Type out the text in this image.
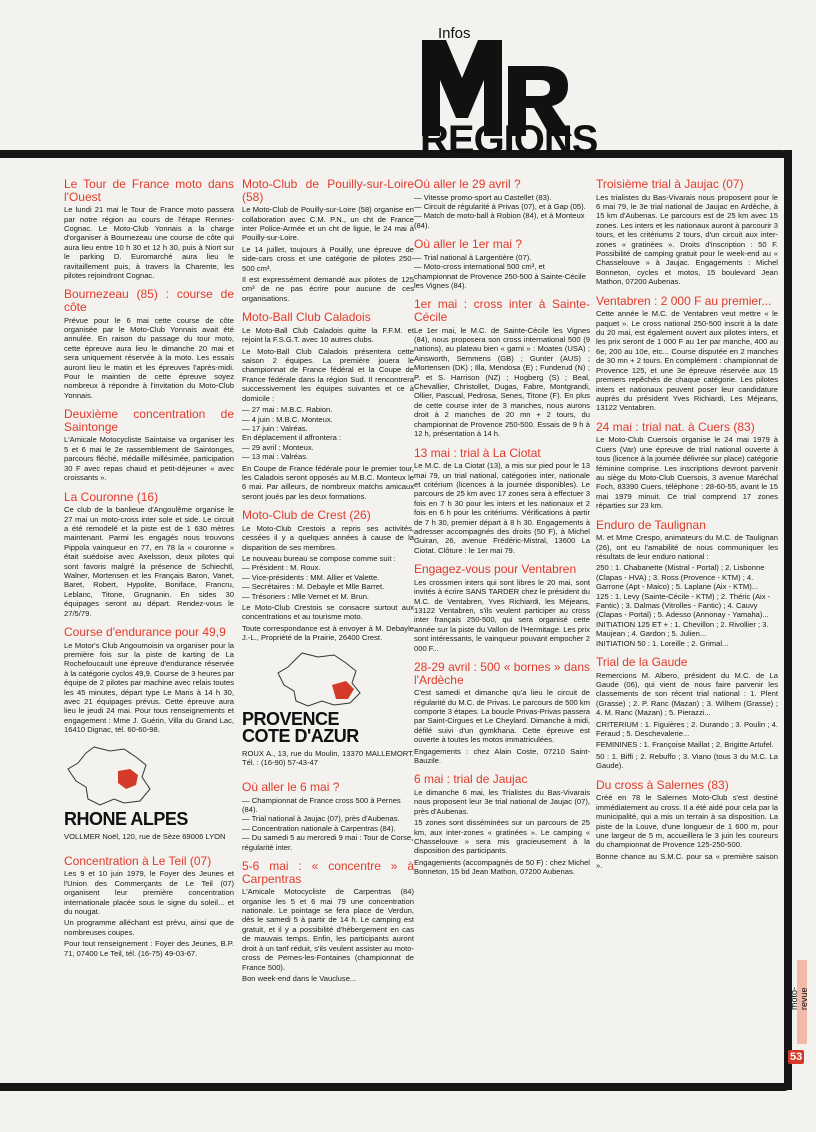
Infos
REGIONS
Le Tour de France moto dans l'Ouest
Le lundi 21 mai le Tour de France moto passera par notre région au cours de l'étape Rennes-Cognac. Le Moto-Club Yonnais a la charge d'organiser à Bournezeau une course de côte qui aura lieu entre 10 h 30 et 12 h 30, puis à Niort sur le parking D. Euromarché aura lieu le ravitaillement puis, à travers la Charente, les pilotes rejoindront Cognac.
Bournezeau (85) : course de côte
Prévue pour le 6 mai cette course de côte organisée par le Moto-Club Yonnais avait été annulée. En raison du passage du tour moto, cette épreuve aura lieu le dimanche 20 mai et sera uniquement réservée à la moto. Les essais auront lieu le matin et les épreuves l'après-midi. Pour le maintien de cette épreuve soyez nombreux à répondre à l'invitation du Moto-Club Yonnais.
Deuxième concentration de Saintonge
L'Amicale Motocycliste Saintaise va organiser les 5 et 6 mai le 2e rassemblement de Saintonges, parcours fléché, médaille millésimée, participation 30 F avec repas chaud et petit-déjeuner « avec croissants ».
La Couronne (16)
Ce club de la banlieue d'Angoulême organise le 27 mai un moto-cross inter sole et side. Le circuit a été remodelé et la piste est de 1 630 mètres maintenant. Parmi les engagés nous trouvons Pippola vainqueur en 77, en 78 la « couronne » était suédoise avec Axelsson, deux pilotes qui sont favoris malgré la présence de Schiechtl, Walner, Mortensen et les Français Baron, Vanet, Baret, Robert, Hypolite, Boniface, Francru, Leblanc, Titone, Grugnanin. En sides 30 équipages seront au départ. Rendez-vous le 27/5/79.
Course d'endurance pour 49,9
Le Motor's Club Angoumoisin va organiser pour la première fois sur la piste de karting de La Rochefoucault une épreuve d'endurance réservée à la catégorie cyclos 49,9. Course de 3 heures par équipe de 2 pilotes par machine avec relais toutes les 45 minutes, départ type Le Mans à 14 h 30, avec 21 équipages prévus. Cette épreuve aura lieu le jeudi 24 mai. Pour tous renseignements et engagement : Mme J. Guérin, Villa du Grand Lac, 16410 Dignac, tél. 60-60-98.
RHONE ALPES
VOLLMER Noël, 120, rue de Sèze 69006 LYON
Concentration à Le Teil (07)
Les 9 et 10 juin 1979, le Foyer des Jeunes et l'Union des Commerçants de Le Teil (07) organisent leur première concentration internationale placée sous le signe du soleil... et du nougat.
Un programme alléchant est prévu, ainsi que de nombreuses coupes.
Pour tout renseignement : Foyer des Jeunes, B.P. 71, 07400 Le Teil, tél. (16-75) 49-03-67.
Moto-Club de Pouilly-sur-Loire (58)
Le Moto-Club de Pouilly-sur-Loire (58) organise en collaboration avec C.M. P.N., un cht de France inter Police-Armée et un cht de ligue, le 24 mai à Pouilly-sur-Loire.
Le 14 juillet, toujours à Pouilly, une épreuve de side-cars cross et une catégorie de pilotes 250-500 cm³.
Il est expressément demandé aux pilotes de 125 cm³ de ne pas écrire pour aucune de ces organisations.
Moto-Ball Club Caladois
Le Moto-Ball Club Caladois quitte la F.F.M. et rejoint la F.S.G.T. avec 10 autres clubs.
Le Moto-Ball Club Caladois présentera cette saison 2 équipes. La première jouera le championnat de France fédéral et la Coupe de France fédérale dans la région Sud. Il rencontrera successivement les équipes suivantes et ce à domicile :
— 27 mai : M.B.C. Rabion.
— 4 juin : M.B.C. Monteux.
— 17 juin : Valréas.
En déplacement il affrontera :
— 29 avril : Monteux.
— 13 mai : Valréas.
En Coupe de France fédérale pour le premier tour, les Caladois seront opposés au M.B.C. Monteux le 6 mai. Par ailleurs, de nombreux matchs amicaux seront joués par les deux formations.
Moto-Club de Crest (26)
Le Moto-Club Crestois a repris ses activités, cessées il y a quelques années à cause de la disparition de ses membres.
Le nouveau bureau se compose comme suit :
— Président : M. Roux.
— Vice-présidents : MM. Allier et Valette.
— Secrétaires : M. Debayle et Mlle Barret.
— Trésoriers : Mlle Vernet et M. Brun.
Le Moto-Club Crestois se consacre surtout aux concentrations et au tourisme moto.
Toute correspondance est à envoyer à M. Debayle J.-L., Propriété de la Prairie, 26400 Crest.
PROVENCE COTE D'AZUR
ROUX A., 13, rue du Moulin, 13370 MALLEMORT. Tél. : (16-90) 57-43-47
Où aller le 6 mai ?
— Championnat de France cross 500 à Pernes (84).
— Trial national à Jaujac (07), près d'Aubenas.
— Concentration nationale à Carpentras (84).
— Du samedi 5 au mercredi 9 mai : Tour de Corse, régularité inter.
5-6 mai : « concentre » à Carpentras
L'Amicale Motocycliste de Carpentras (84) organise les 5 et 6 mai 79 une concentration nationale. Le pointage se fera place de Verdun, dès le samedi 5 à partir de 14 h. Le camping est gratuit, et il y a possibilité d'hébergement en cas de mauvais temps. Enfin, les participants auront droit à un tarif réduit, s'ils veulent assister au moto-cross de Pernes-les-Fontaines (championnat de France 500).
Bon week-end dans le Vaucluse...
Où aller le 29 avril ?
— Vitesse promo-sport au Castellet (83).
— Circuit de régularité à Privas (07), et à Gap (05).
— Match de moto-ball à Robion (84), et à Monteux (84).
Où aller le 1er mai ?
— Trial national à Largentière (07).
— Moto-cross international 500 cm³, et championnat de Provence 250-500 à Sainte-Cécile les Vignes (84).
1er mai : cross inter à Sainte-Cécile
Le 1er mai, le M.C. de Sainte-Cécile les Vignes (84), nous proposera son cross international 500 (9 nations), au plateau bien « garni » : Moates (USA) ; Ainsworth, Semmens (GB) ; Gunter (AUS) ; Mortensen (DK) ; Illa, Mendosa (E) ; Funderud (N) ; P. et S. Harrison (NZ) ; Hogberg (S) ; Beal, Chevallier, Christollet, Dugas, Fabre, Montgrandi, Ollier, Pascual, Pedrosa, Senes, Titone (F). En plus de cette course inter de 3 manches, nous aurons droit à 2 manches de 20 mn + 2 tours, du championnat de Provence 250-500. Essais de 9 h à 12 h, présentation à 14 h.
13 mai : trial à La Ciotat
Le M.C. de La Ciotat (13), a mis sur pied pour le 13 mai 79, un trial national, catégories inter, nationale et critérium (licences à la journée disponibles). Le parcours de 25 km avec 17 zones sera à effectuer 3 fois en 7 h 30 pour les inters et les nationaux et 2 fois en 6 h pour les critériums. Vérifications à partir de 7 h 30, premier départ à 8 h 30. Engagements à adresser accompagnés des droits (50 F), à Michel Guiran, 26, avenue Frédéric-Mistral, 13600 La Ciotat. Clôture : le 1er mai 79.
Engagez-vous pour Ventabren
Les crossmen inters qui sont libres le 20 mai, sont invités à écrire SANS TARDER chez le président du M.C. de Ventabren, Yves Richiardi, les Méjeans, 13122 Ventabren, s'ils veulent participer au cross inter français 250-500, qui sera organisé cette année sur la piste du Vallon de l'Hermitage. Les prix sont intéressants, le vainqueur pouvant empocher 2 000 F...
28-29 avril : 500 « bornes » dans l'Ardèche
C'est samedi et dimanche qu'a lieu le circuit de régularité du M.C. de Privas. Le parcours de 500 km comporte 3 étapes. La boucle Privas-Privas passera par Saint-Cirgues et Le Cheylard. Dimanche à midi, défilé suivi d'un gymkhana. Cette épreuve est ouverte à toutes les motos immatriculées.
Engagements : chez Alain Coste, 07210 Saint-Bauzile.
6 mai : trial de Jaujac
Le dimanche 6 mai, les Trialistes du Bas-Vivarais nous proposent leur 3e trial national de Jaujac (07), près d'Aubenas.
15 zones sont disséminées sur un parcours de 25 km, aux inter-zones « gratinées ». Le camping « Chasselouve » sera mis gracieusement à la disposition des participants.
Engagements (accompagnés de 50 F) : chez Michel Bonneton, 15 bd Jean Mathon, 07200 Aubenas.
Troisième trial à Jaujac (07)
Les trialistes du Bas-Vivarais nous proposent pour le 6 mai 79, le 3e trial national de Jaujac en Ardèche, à 15 km d'Aubenas. Le parcours est de 25 km avec 15 zones. Les inters et les nationaux auront à parcourir 3 tours, et les critériums 2 tours, d'un circuit aux inter-zones « gratinées ». Droits d'inscription : 50 F. Possibilité de camping gratuit pour le week-end au « Chasselouve » à Jaujac. Engagements : Michel Bonneton, cycles et motos, 15 boulevard Jean Mathon, 07200 Aubenas.
Ventabren : 2 000 F au premier...
Cette année le M.C. de Ventabren veut mettre « le paquet ». Le cross national 250-500 inscrit à la date du 20 mai, est également ouvert aux pilotes inters, et les prix seront de 1 000 F au 1er par manche, 400 au 6e, 200 au 10e, etc... Course disputée en 2 manches de 30 mn + 2 tours. En complément : championnat de Provence 125, et une 3e épreuve réservée aux 15 premiers repêchés de chaque catégorie. Les pilotes inters et nationaux peuvent poser leur candidature auprès du président Yves Richiardi, Les Méjeans, 13122 Ventabren.
24 mai : trial nat. à Cuers (83)
Le Moto-Club Cuersois organise le 24 mai 1979 à Cuers (Var) une épreuve de trial national ouverte à tous (licence à la journée délivrée sur place) catégorie féminine comprise. Les inscriptions devront parvenir au siège du Moto-Club Cuersois, 3 avenue Maréchal Foch, 83390 Cuers, téléphone : 28-60-55, avant le 15 mai 1979 minuit. Ce trial comprend 17 zones réparties sur 23 km.
Enduro de Taulignan
M. et Mme Crespo, animateurs du M.C. de Taulignan (26), ont eu l'amabilité de nous communiquer les résultats de leur enduro national :
250 : 1. Chabanette (Mistral - Portal) ; 2. Lisbonne (Clapas - HVA) ; 3. Ross (Provence - KTM) ; 4. Garrone (Apt - Maico) ; 5. Laplane (Aix - KTM)...
125 : 1. Levy (Sainte-Cécile - KTM) ; 2. Théric (Aix - Fantic) ; 3. Dalmas (Vitrolles - Fantic) ; 4. Cauvy (Clapas - Portal) ; 5. Adesso (Annonay - Yamaha)...
INITIATION 125 ET + : 1. Chevillon ; 2. Rivollier ; 3. Maujean ; 4. Gardon ; 5. Julien...
INITIATION 50 : 1. Loreille ; 2. Grimal...
Trial de la Gaude
Remercions M. Albero, président du M.C. de La Gaude (06), qui vient de nous faire parvenir les classements de son récent trial national : 1. Plent (Grasse) ; 2. P. Ranc (Mazan) ; 3. Wilhem (Grasse) ; 4. M. Ranc (Mazan) ; 5. Pierazzi...
CRITERIUM : 1. Figuières ; 2. Durando ; 3. Poulin ; 4. Feraud ; 5. Deschevalerie...
FEMININES : 1. Françoise Maillat ; 2. Brigitte Artufel.
50 : 1. Biffi ; 2. Rebuffo ; 3. Viano (tous 3 du M.C. La Gaude).
Du cross à Salernes (83)
Créé en 78 le Salernes Moto-Club s'est destiné immédiatement au cross. Il a été aidé pour cela par la municipalité, qui a mis un terrain à sa disposition. La piste de la Louve, d'une longueur de 1 600 m, pour une largeur de 5 m, accueillera le 3 juin les coureurs du championnat de Provence 125-250-500.
Bonne chance au S.M.C. pour sa « première saison ».
moto-revue
53
